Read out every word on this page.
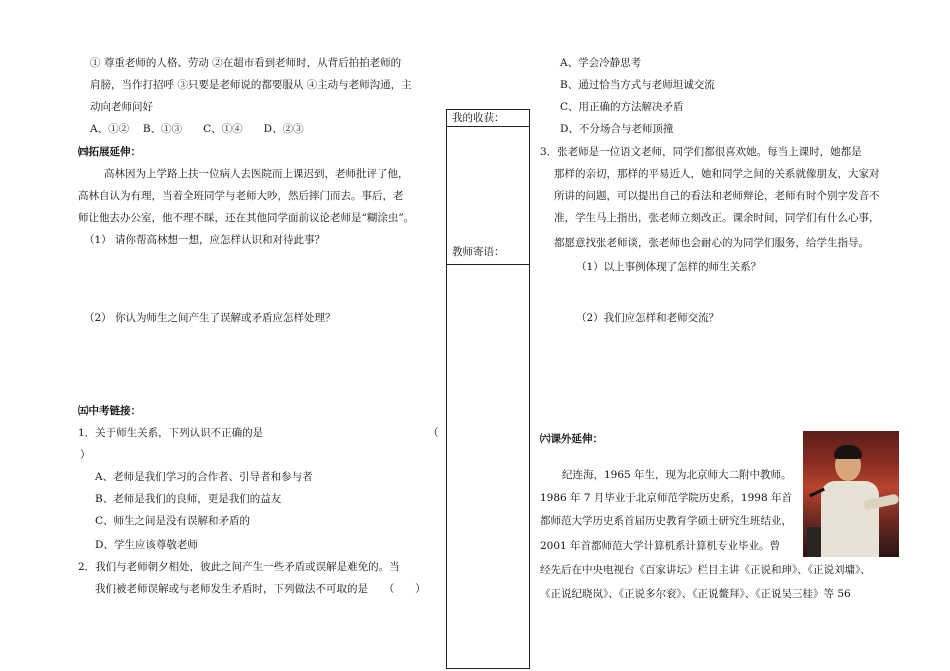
① 尊重老师的人格、劳动 ②在超市看到老师时，从背后拍拍老师的
肩膀，当作打招呼 ③只要是老师说的都要服从 ④主动与老师沟通，主
动向老师问好
A、①②　 B、①③　　C、①④　　D、②③
㈣拓展延伸：
高林因为上学路上扶一位病人去医院而上课迟到，老师批评了他，
高林自认为有理，当着全班同学与老师大吵，然后摔门而去。事后，老
师让他去办公室，他不理不睬，还在其他同学面前议论老师是“糊涂虫”。
（1） 请你帮高林想一想，应怎样认识和对待此事？
（2） 你认为师生之间产生了误解或矛盾应怎样处理？
㈤中考链接：
1．关于师生关系，下列认识不正确的是	（
）
A、老师是我们学习的合作者、引导者和参与者
B、老师是我们的良师，更是我们的益友
C、师生之间是没有误解和矛盾的
D、学生应该尊敬老师
2．我们与老师朝夕相处，彼此之间产生一些矛盾或误解是难免的。当
我们被老师误解或与老师发生矛盾时，下列做法不可取的是　　（　　）
我的收获：
教师寄语：
A、学会冷静思考
B、通过恰当方式与老师坦诚交流
C、用正确的方法解决矛盾
D、不分场合与老师顶撞
3．张老师是一位语文老师，同学们都很喜欢她。每当上课时，她都是
那样的亲切，那样的平易近人，她和同学之间的关系就像朋友，大家对
所讲的问题，可以提出自己的看法和老师辩论，老师有时个别字发音不
准，学生马上指出，张老师立刻改正。课余时间，同学们有什么心事，
都愿意找张老师谈，张老师也会耐心的为同学们服务，给学生指导。
（1）以上事例体现了怎样的师生关系？
（2）我们应怎样和老师交流？
㈥课外延伸：
纪连海，1965 年生，现为北京师大二附中教师。
1986 年 7 月毕业于北京师范学院历史系，1998 年首
都师范大学历史系首届历史教育学硕士研究生班结业，
2001 年首都师范大学计算机系计算机专业毕业。曾
经先后在中央电视台《百家讲坛》栏目主讲《正说和珅》、《正说刘墉》、
《正说纪晓岚》、《正说多尔衮》、《正说鳌拜》、《正说吴三桂》等 56
